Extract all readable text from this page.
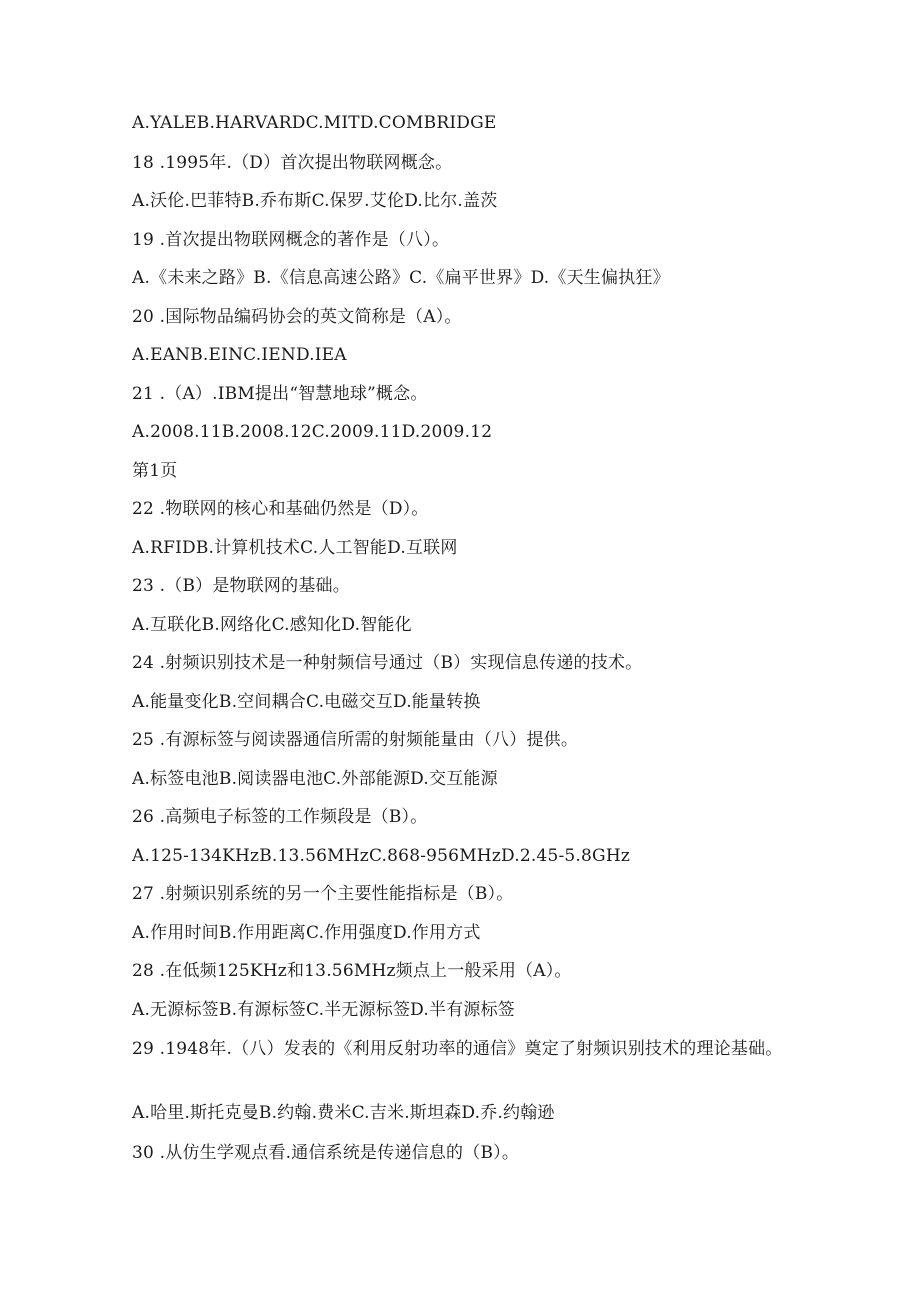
A.YALEB.HARVARDC.MITD.COMBRIDGE
18 .1995年.（D）首次提出物联网概念。
A.沃伦.巴菲特B.乔布斯C.保罗.艾伦D.比尔.盖茨
19 .首次提出物联网概念的著作是（八）。
A.《未来之路》B.《信息高速公路》C.《扁平世界》D.《天生偏执狂》
20 .国际物品编码协会的英文简称是（A）。
A.EANB.EINC.IEND.IEA
21 .（A）.IBM提出“智慧地球”概念。
A.2008.11B.2008.12C.2009.11D.2009.12
第1页
22 .物联网的核心和基础仍然是（D）。
A.RFIDB.计算机技术C.人工智能D.互联网
23 .（B）是物联网的基础。
A.互联化B.网络化C.感知化D.智能化
24 .射频识别技术是一种射频信号通过（B）实现信息传递的技术。
A.能量变化B.空间耦合C.电磁交互D.能量转换
25 .有源标签与阅读器通信所需的射频能量由（八）提供。
A.标签电池B.阅读器电池C.外部能源D.交互能源
26 .高频电子标签的工作频段是（B）。
A.125-134KHzB.13.56MHzC.868-956MHzD.2.45-5.8GHz
27 .射频识别系统的另一个主要性能指标是（B）。
A.作用时间B.作用距离C.作用强度D.作用方式
28 .在低频125KHz和13.56MHz频点上一般采用（A）。
A.无源标签B.有源标签C.半无源标签D.半有源标签
29 .1948年.（八）发表的《利用反射功率的通信》奠定了射频识别技术的理论基础。
A.哈里.斯托克曼B.约翰.费米C.吉米.斯坦森D.乔.约翰逊
30 .从仿生学观点看.通信系统是传递信息的（B）。
